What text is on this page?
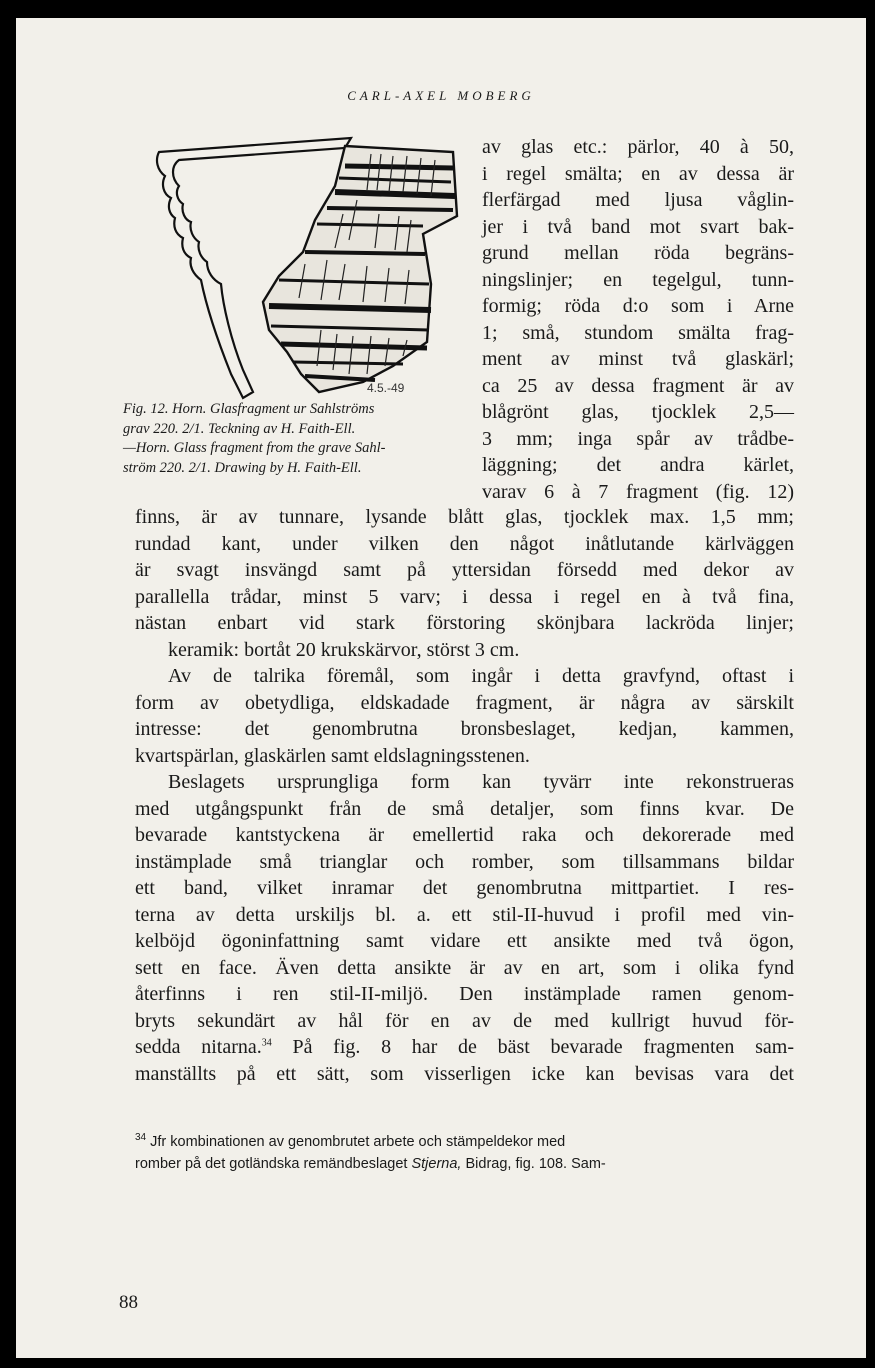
CARL-AXEL MOBERG
4.5.-49
Fig. 12. Horn. Glasfragment ur Sahlströms
grav 220. 2/1. Teckning av H. Faith-Ell.
—Horn. Glass fragment from the grave Sahl-
ström 220. 2/1. Drawing by H. Faith-Ell.
av glas etc.: pärlor, 40 à 50,
i regel smälta; en av dessa är
flerfärgad med ljusa våglin-
jer i två band mot svart bak-
grund mellan röda begräns-
ningslinjer; en tegelgul, tunn-
formig; röda d:o som i Arne
1; små, stundom smälta frag-
ment av minst två glaskärl;
ca 25 av dessa fragment är av
blågrönt glas, tjocklek 2,5—
3 mm; inga spår av trådbe-
läggning; det andra kärlet,
varav 6 à 7 fragment (fig. 12)
finns, är av tunnare, lysande blått glas, tjocklek max. 1,5 mm;
rundad kant, under vilken den något inåtlutande kärlväggen
är svagt insvängd samt på yttersidan försedd med dekor av
parallella trådar, minst 5 varv; i dessa i regel en à två fina,
nästan enbart vid stark förstoring skönjbara lackröda linjer;
keramik: bortåt 20 krukskärvor, störst 3 cm.
Av de talrika föremål, som ingår i detta gravfynd, oftast i
form av obetydliga, eldskadade fragment, är några av särskilt
intresse: det genombrutna bronsbeslaget, kedjan, kammen,
kvartspärlan, glaskärlen samt eldslagningsstenen.
Beslagets ursprungliga form kan tyvärr inte rekonstrueras
med utgångspunkt från de små detaljer, som finns kvar. De
bevarade kantstyckena är emellertid raka och dekorerade med
instämplade små trianglar och romber, som tillsammans bildar
ett band, vilket inramar det genombrutna mittpartiet. I res-
terna av detta urskiljs bl. a. ett stil-II-huvud i profil med vin-
kelböjd ögoninfattning samt vidare ett ansikte med två ögon,
sett en face. Även detta ansikte är av en art, som i olika fynd
återfinns i ren stil-II-miljö. Den instämplade ramen genom-
bryts sekundärt av hål för en av de med kullrigt huvud för-
sedda nitarna.$^{34}$ På fig. 8 har de bäst bevarade fragmenten sam-
manställts på ett sätt, som visserligen icke kan bevisas vara det
$^{34}$ Jfr kombinationen av genombrutet arbete och stämpeldekor med
romber på det gotländska remändbeslaget Stjerna, Bidrag, fig. 108. Sam-
88
